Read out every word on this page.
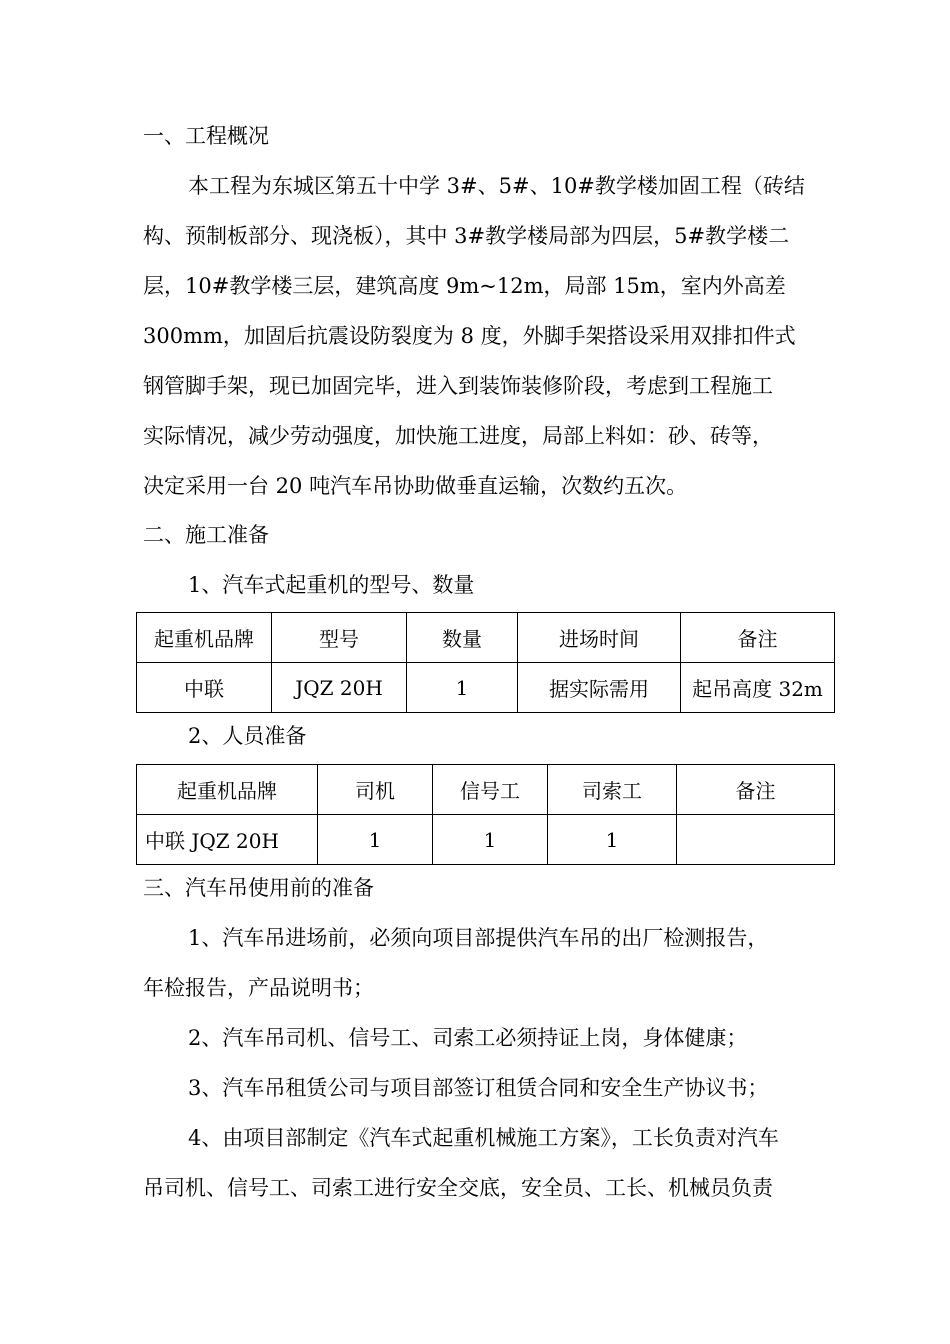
一、工程概况
本工程为东城区第五十中学 3#、5#、10#教学楼加固工程（砖结
构、预制板部分、现浇板），其中 3#教学楼局部为四层，5#教学楼二
层，10#教学楼三层，建筑高度 9m~12m，局部 15m，室内外高差
300mm，加固后抗震设防裂度为 8 度，外脚手架搭设采用双排扣件式
钢管脚手架，现已加固完毕，进入到装饰装修阶段，考虑到工程施工
实际情况，减少劳动强度，加快施工进度，局部上料如：砂、砖等，
决定采用一台 20 吨汽车吊协助做垂直运输，次数约五次。
二、施工准备
1、汽车式起重机的型号、数量
起重机品牌	型号	数量	进场时间	备注
中联	JQZ 20H	1	据实际需用	起吊高度 32m
2、人员准备
起重机品牌	司机	信号工	司索工	备注
中联 JQZ 20H	1	1	1	
三、汽车吊使用前的准备
1、汽车吊进场前，必须向项目部提供汽车吊的出厂检测报告，
年检报告，产品说明书；
2、汽车吊司机、信号工、司索工必须持证上岗，身体健康；
3、汽车吊租赁公司与项目部签订租赁合同和安全生产协议书；
4、由项目部制定《汽车式起重机械施工方案》，工长负责对汽车
吊司机、信号工、司索工进行安全交底，安全员、工长、机械员负责
